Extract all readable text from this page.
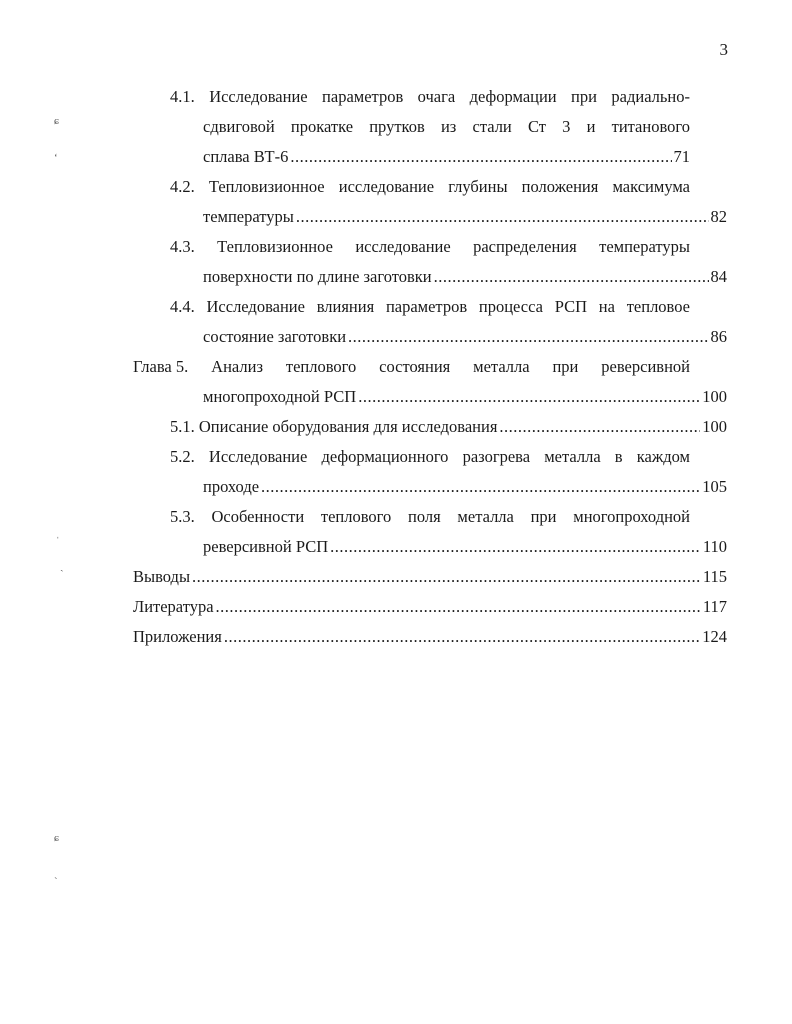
3
ɕ
ʻ
ˌ
ˏ
ɕ
ˋ
4.1. Исследование параметров очага деформации при радиально-
сдвиговой прокатке прутков из стали Ст 3 и титанового
сплава ВТ-6 .....	71
4.2. Тепловизионное исследование глубины положения максимума
температуры .....	82
4.3. Тепловизионное исследование распределения температуры
поверхности по длине заготовки .....	84
4.4. Исследование влияния параметров процесса РСП на тепловое
состояние заготовки .....	86
Глава 5. Анализ теплового состояния металла при реверсивной
многопроходной РСП .....	100
5.1. Описание оборудования для исследования .....	100
5.2. Исследование деформационного разогрева металла в каждом
проходе .....	105
5.3. Особенности теплового поля металла при многопроходной
реверсивной РСП .....	110
Выводы .....	115
Литература .....	117
Приложения .....	124
